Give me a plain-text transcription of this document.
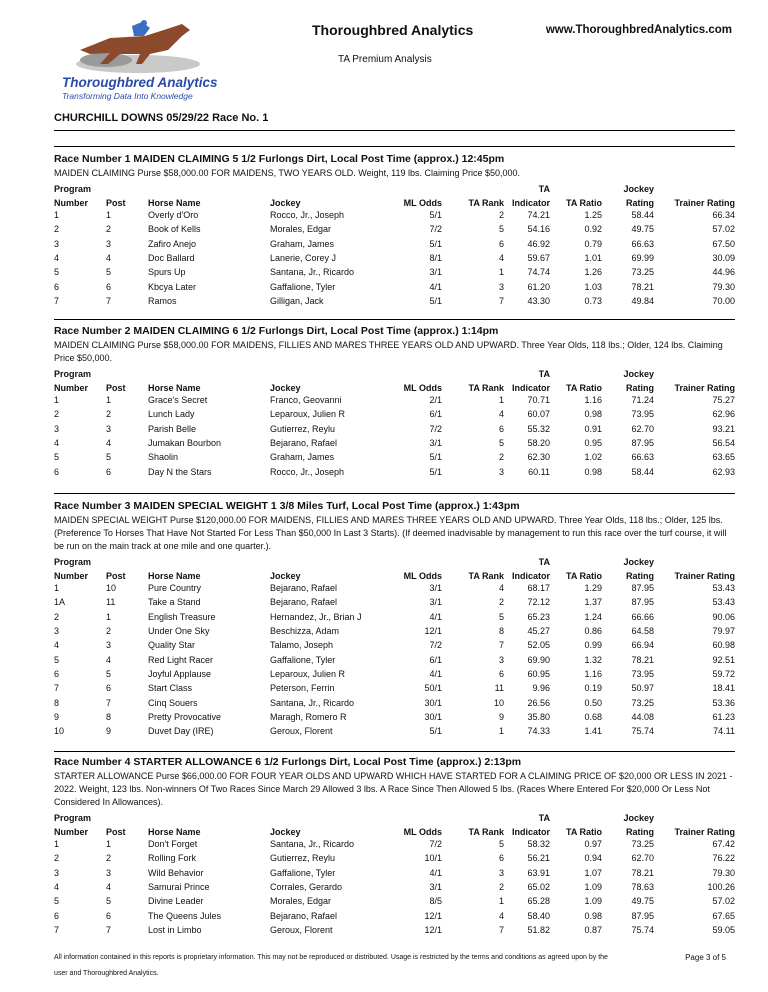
Thoroughbred Analytics
Transforming Data Into Knowledge
Thoroughbred Analytics	www.ThoroughbredAnalytics.com
TA Premium Analysis
CHURCHILL DOWNS 05/29/22 Race No. 1
Race Number 1 MAIDEN CLAIMING 5 1/2 Furlongs Dirt, Local Post Time (approx.) 12:45pm
MAIDEN CLAIMING Purse $58,000.00 FOR MAIDENS, TWO YEARS OLD. Weight, 119 lbs. Claiming Price $50,000.
Program						TA		Jockey	
Number	Post	Horse Name	Jockey	ML Odds	TA Rank	Indicator	TA Ratio	Rating	Trainer Rating
1	1	Overly d'Oro	Rocco, Jr., Joseph	5/1	2	74.21	1.25	58.44	66.34
2	2	Book of Kells	Morales, Edgar	7/2	5	54.16	0.92	49.75	57.02
3	3	Zafiro Anejo	Graham, James	5/1	6	46.92	0.79	66.63	67.50
4	4	Doc Ballard	Lanerie, Corey J	8/1	4	59.67	1.01	69.99	30.09
5	5	Spurs Up	Santana, Jr., Ricardo	3/1	1	74.74	1.26	73.25	44.96
6	6	Kbcya Later	Gaffalione, Tyler	4/1	3	61.20	1.03	78.21	79.30
7	7	Ramos	Gilligan, Jack	5/1	7	43.30	0.73	49.84	70.00
Race Number 2 MAIDEN CLAIMING 6 1/2 Furlongs Dirt, Local Post Time (approx.) 1:14pm
MAIDEN CLAIMING Purse $58,000.00 FOR MAIDENS, FILLIES AND MARES THREE YEARS OLD AND UPWARD. Three Year Olds, 118 lbs.; Older, 124 lbs. Claiming Price $50,000.
Program						TA		Jockey	
Number	Post	Horse Name	Jockey	ML Odds	TA Rank	Indicator	TA Ratio	Rating	Trainer Rating
1	1	Grace's Secret	Franco, Geovanni	2/1	1	70.71	1.16	71.24	75.27
2	2	Lunch Lady	Leparoux, Julien R	6/1	4	60.07	0.98	73.95	62.96
3	3	Parish Belle	Gutierrez, Reylu	7/2	6	55.32	0.91	62.70	93.21
4	4	Jumakan Bourbon	Bejarano, Rafael	3/1	5	58.20	0.95	87.95	56.54
5	5	Shaolin	Graham, James	5/1	2	62.30	1.02	66.63	63.65
6	6	Day N the Stars	Rocco, Jr., Joseph	5/1	3	60.11	0.98	58.44	62.93
Race Number 3 MAIDEN SPECIAL WEIGHT 1 3/8 Miles Turf, Local Post Time (approx.) 1:43pm
MAIDEN SPECIAL WEIGHT Purse $120,000.00 FOR MAIDENS, FILLIES AND MARES THREE YEARS OLD AND UPWARD. Three Year Olds, 118 lbs.; Older, 125 lbs. (Preference To Horses That Have Not Started For Less Than $50,000 In Last 3 Starts). (If deemed inadvisable by management to run this race over the turf course, it will be run on the main track at one mile and one quarter.).
Program						TA		Jockey	
Number	Post	Horse Name	Jockey	ML Odds	TA Rank	Indicator	TA Ratio	Rating	Trainer Rating
1	10	Pure Country	Bejarano, Rafael	3/1	4	68.17	1.29	87.95	53.43
1A	11	Take a Stand	Bejarano, Rafael	3/1	2	72.12	1.37	87.95	53.43
2	1	English Treasure	Hernandez, Jr., Brian J	4/1	5	65.23	1.24	66.66	90.06
3	2	Under One Sky	Beschizza, Adam	12/1	8	45.27	0.86	64.58	79.97
4	3	Quality Star	Talamo, Joseph	7/2	7	52.05	0.99	66.94	60.98
5	4	Red Light Racer	Gaffalione, Tyler	6/1	3	69.90	1.32	78.21	92.51
6	5	Joyful Applause	Leparoux, Julien R	4/1	6	60.95	1.16	73.95	59.72
7	6	Start Class	Peterson, Ferrin	50/1	11	9.96	0.19	50.97	18.41
8	7	Cinq Souers	Santana, Jr., Ricardo	30/1	10	26.56	0.50	73.25	53.36
9	8	Pretty Provocative	Maragh, Romero R	30/1	9	35.80	0.68	44.08	61.23
10	9	Duvet Day (IRE)	Geroux, Florent	5/1	1	74.33	1.41	75.74	74.11
Race Number 4 STARTER ALLOWANCE 6 1/2 Furlongs Dirt, Local Post Time (approx.) 2:13pm
STARTER ALLOWANCE Purse $66,000.00 FOR FOUR YEAR OLDS AND UPWARD WHICH HAVE STARTED FOR A CLAIMING PRICE OF $20,000 OR LESS IN 2021 - 2022. Weight, 123 lbs. Non-winners Of Two Races Since March 29 Allowed 3 lbs. A Race Since Then Allowed 5 lbs. (Races Where Entered For $20,000 Or Less Not Considered In Allowances).
Program						TA		Jockey	
Number	Post	Horse Name	Jockey	ML Odds	TA Rank	Indicator	TA Ratio	Rating	Trainer Rating
1	1	Don't Forget	Santana, Jr., Ricardo	7/2	5	58.32	0.97	73.25	67.42
2	2	Rolling Fork	Gutierrez, Reylu	10/1	6	56.21	0.94	62.70	76.22
3	3	Wild Behavior	Gaffalione, Tyler	4/1	3	63.91	1.07	78.21	79.30
4	4	Samurai Prince	Corrales, Gerardo	3/1	2	65.02	1.09	78.63	100.26
5	5	Divine Leader	Morales, Edgar	8/5	1	65.28	1.09	49.75	57.02
6	6	The Queens Jules	Bejarano, Rafael	12/1	4	58.40	0.98	87.95	67.65
7	7	Lost in Limbo	Geroux, Florent	12/1	7	51.82	0.87	75.74	59.05
All information contained in this reports is proprietary information. This may not be reproduced or distributed. Usage is restricted by the terms and conditions as agreed upon by the
user and Thoroughbred Analytics.
Page 3 of 5
